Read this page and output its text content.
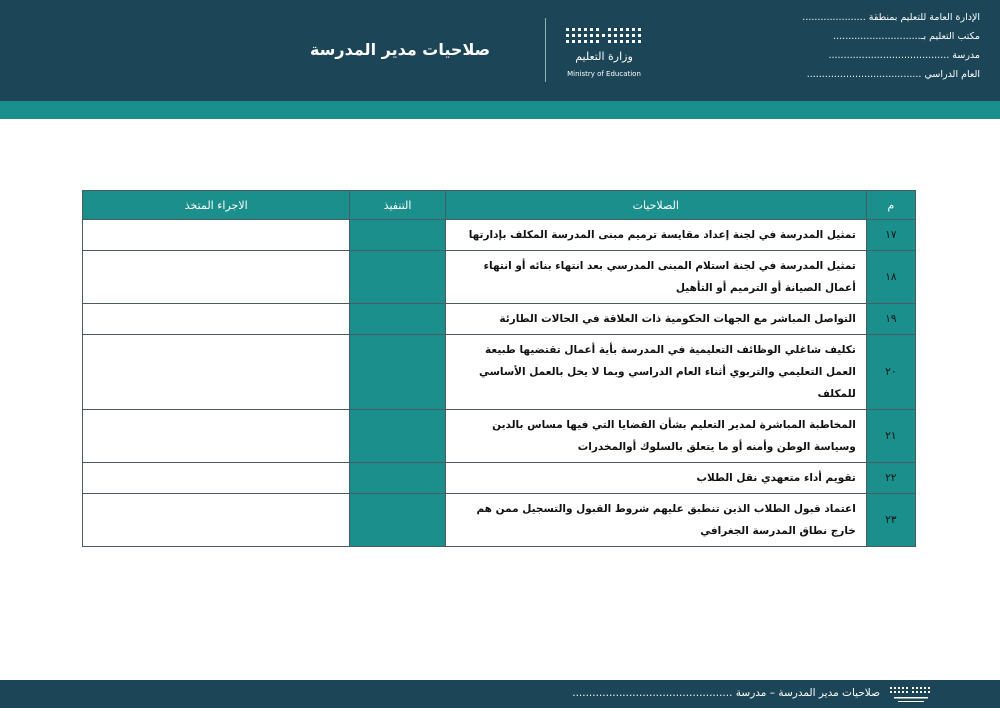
الإدارة العامة للتعليم بمنطقة .....................
مكتب التعليم بـ.............................
مدرسة ........................................
العام الدراسي ......................................
وزارة التعليم
Ministry of Education
صلاحيات مدير المدرسة
م	الصلاحيات	التنفيذ	الاجراء المتخذ
١٧	تمثيل المدرسة في لجنة إعداد مقايسة ترميم مبنى المدرسة المكلف بإدارتها		
١٨	تمثيل المدرسة في لجنة استلام المبنى المدرسي بعد انتهاء بنائه أو انتهاء أعمال الصيانة أو الترميم أو التأهيل		
١٩	التواصل المباشر مع الجهات الحكومية ذات العلاقة في الحالات الطارئة		
٢٠	تكليف شاغلي الوظائف التعليمية في المدرسة بأية أعمال تقتضيها طبيعة العمل التعليمي والتربوي أثناء العام الدراسي وبما لا يخل بالعمل الأساسي للمكلف		
٢١	المخاطبة المباشرة لمدير التعليم بشأن القضايا التي فيها مساس بالدين وسياسة الوطن وأمنه أو ما يتعلق بالسلوك أوالمخدرات		
٢٢	تقويم أداء متعهدي نقل الطلاب		
٢٣	اعتماد قبول الطلاب الذين تنطبق عليهم شروط القبول والتسجيل ممن هم خارج نطاق المدرسة الجغرافي		
صلاحيات مدير المدرسة – مدرسة ................................................
